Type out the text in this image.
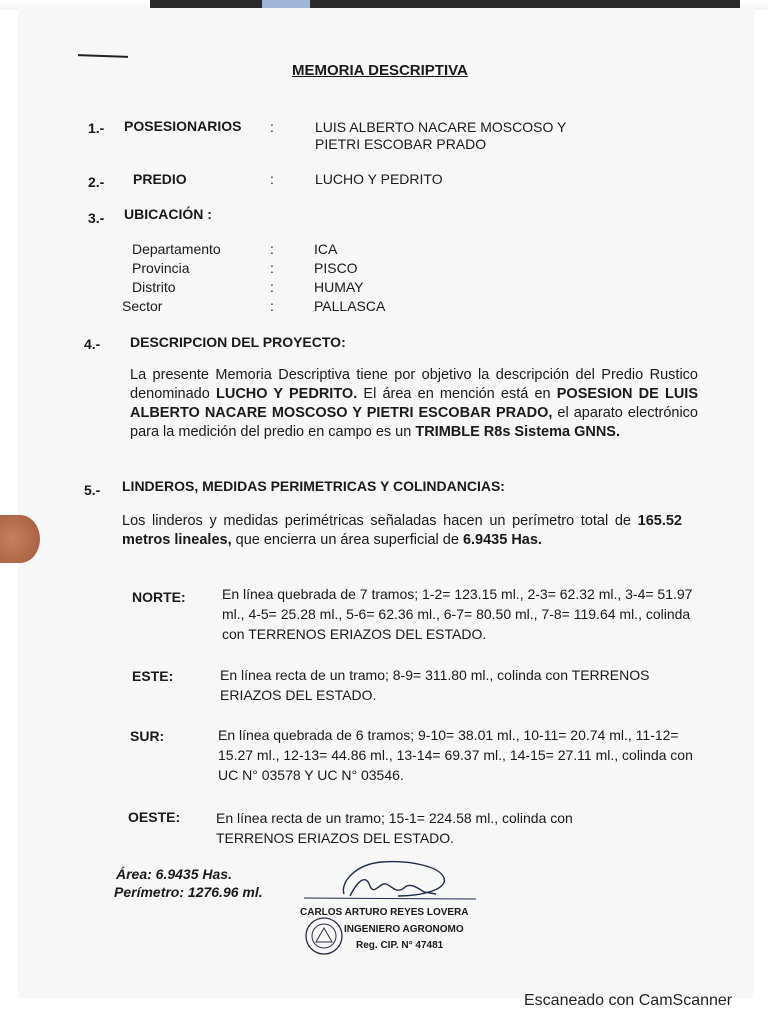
MEMORIA DESCRIPTIVA
1.- POSESIONARIOS :	LUIS ALBERTO NACARE MOSCOSO Y
PIETRI ESCOBAR PRADO
2.- PREDIO	:	LUCHO Y PEDRITO
3.- UBICACIÓN :
Departamento	:	ICA
Provincia	:	PISCO
Distrito	:	HUMAY
Sector	:	PALLASCA
4.- DESCRIPCION DEL PROYECTO:
La presente Memoria Descriptiva tiene por objetivo la descripción del Predio Rustico denominado LUCHO Y PEDRITO. El área en mención está en POSESION DE LUIS ALBERTO NACARE MOSCOSO Y PIETRI ESCOBAR PRADO, el aparato electrónico para la medición del predio en campo es un TRIMBLE R8s Sistema GNNS.
5.- LINDEROS, MEDIDAS PERIMETRICAS Y COLINDANCIAS:
Los linderos y medidas perimétricas señaladas hacen un perímetro total de 165.52 metros lineales, que encierra un área superficial de 6.9435 Has.
NORTE:	En línea quebrada de 7 tramos; 1-2= 123.15 ml., 2-3= 62.32 ml., 3-4= 51.97 ml., 4-5= 25.28 ml., 5-6= 62.36 ml., 6-7= 80.50 ml., 7-8= 119.64 ml., colinda con TERRENOS ERIAZOS DEL ESTADO.
ESTE:	En línea recta de un tramo; 8-9= 311.80 ml., colinda con TERRENOS ERIAZOS DEL ESTADO.
SUR:	En línea quebrada de 6 tramos; 9-10= 38.01 ml., 10-11= 20.74 ml., 11-12= 15.27 ml., 12-13= 44.86 ml., 13-14= 69.37 ml., 14-15= 27.11 ml., colinda con UC N° 03578 Y UC N° 03546.
OESTE:	En línea recta de un tramo; 15-1= 224.58 ml., colinda con TERRENOS ERIAZOS DEL ESTADO.
Área: 6.9435 Has.
Perímetro: 1276.96 ml.
CARLOS ARTURO REYES LOVERA
INGENIERO AGRONOMO
Reg. CIP. N° 47481
Escaneado con CamScanner
